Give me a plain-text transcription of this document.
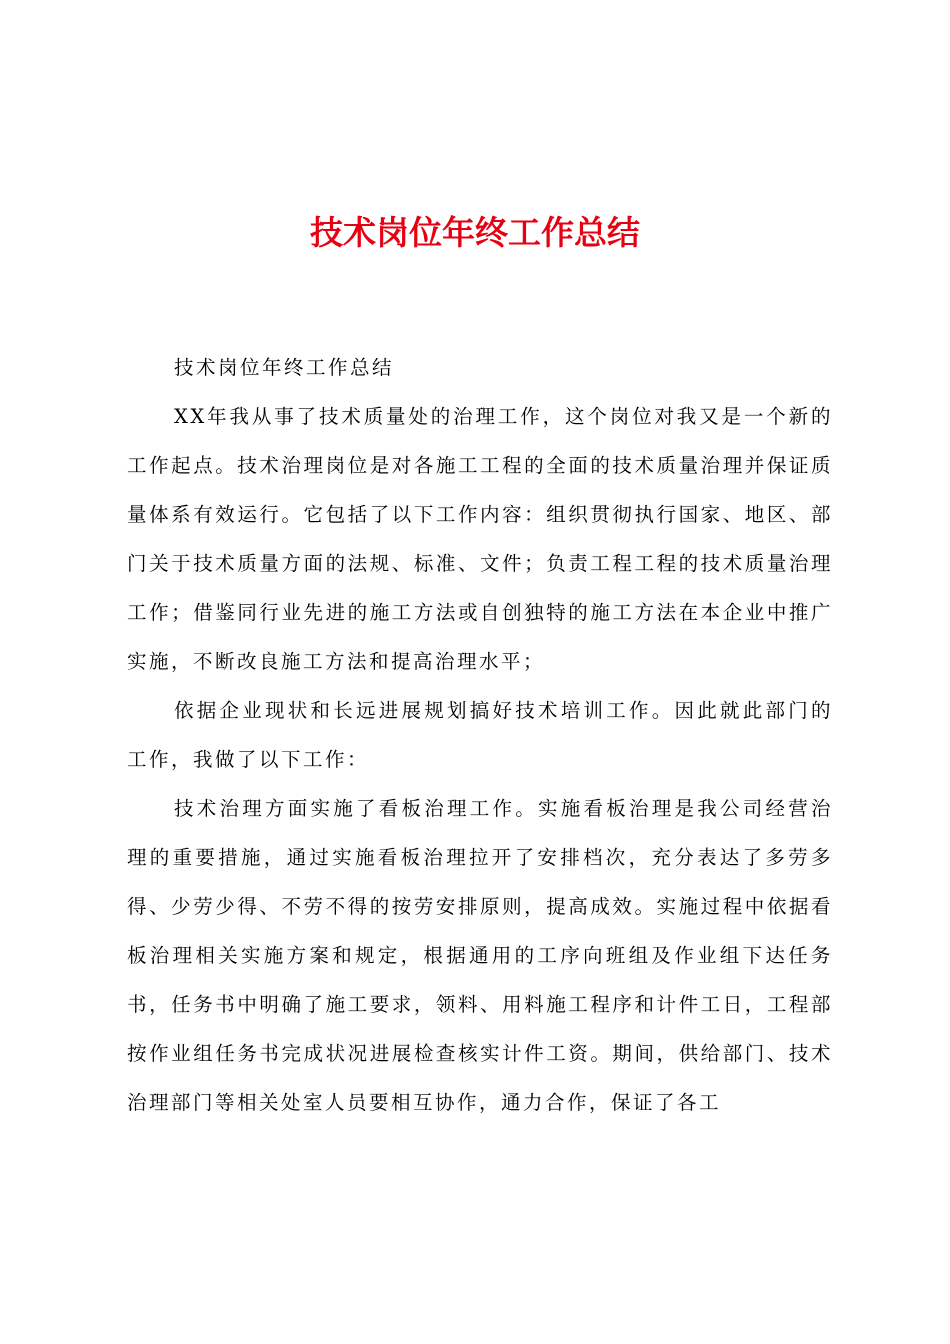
技术岗位年终工作总结

技术岗位年终工作总结

XX年我从事了技术质量处的治理工作，这个岗位对我又是一个新的工作起点。技术治理岗位是对各施工工程的全面的技术质量治理并保证质量体系有效运行。它包括了以下工作内容：组织贯彻执行国家、地区、部门关于技术质量方面的法规、标准、文件；负责工程工程的技术质量治理工作；借鉴同行业先进的施工方法或自创独特的施工方法在本企业中推广实施，不断改良施工方法和提高治理水平；

依据企业现状和长远进展规划搞好技术培训工作。因此就此部门的工作，我做了以下工作：

技术治理方面实施了看板治理工作。实施看板治理是我公司经营治理的重要措施，通过实施看板治理拉开了安排档次，充分表达了多劳多得、少劳少得、不劳不得的按劳安排原则，提高成效。实施过程中依据看板治理相关实施方案和规定，根据通用的工序向班组及作业组下达任务书，任务书中明确了施工要求，领料、用料施工程序和计件工日，工程部按作业组任务书完成状况进展检查核实计件工资。期间，供给部门、技术治理部门等相关处室人员要相互协作，通力合作，保证了各工
